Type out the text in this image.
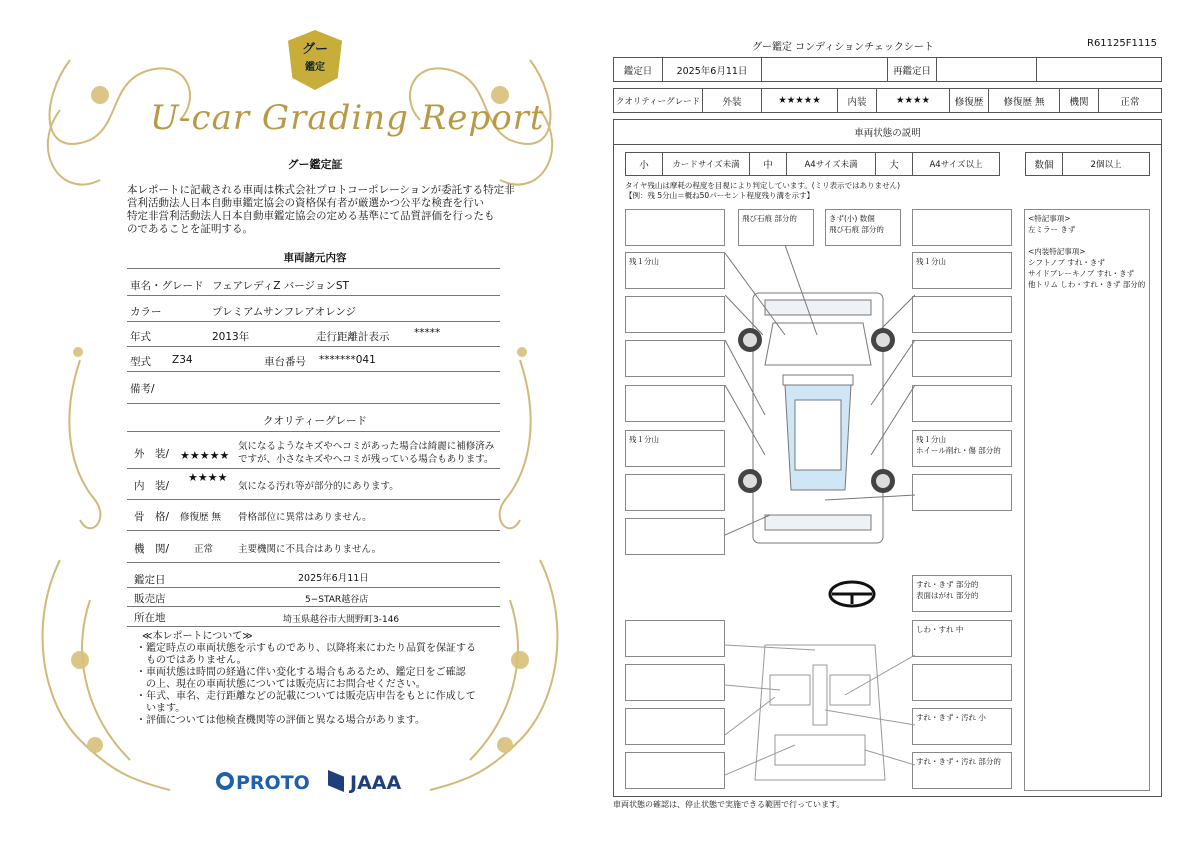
グー
鑑定
U-car Grading Report
グー鑑定証
本レポートに記載される車両は株式会社プロトコーポレーションが委託する特定非
営利活動法人日本自動車鑑定協会の資格保有者が厳選かつ公平な検査を行い
特定非営利活動法人日本自動車鑑定協会の定める基準にて品質評価を行ったも
のであることを証明する。
車両諸元内容
車名・グレード フェアレディZ バージョンST
カラー	プレミアムサンフレアオレンジ
年式	2013年	走行距離計表示 *****
型式 Z34	車台番号 *******041
備考/
クオリティーグレード
外　装/ ★★★★★
気になるようなキズやヘコミがあった場合は綺麗に補修済み
ですが、小さなキズやヘコミが残っている場合もあります。
内　装/
★★★★
気になる汚れ等が部分的にあります。
骨　格/ 修復歴 無 骨格部位に異常はありません。
機　関/	正常	主要機関に不具合はありません。
鑑定日	2025年6月11日
販売店	5−STAR越谷店
所在地	埼玉県越谷市大間野町3-146
≪本レポートについて≫
・鑑定時点の車両状態を示すものであり、以降将来にわたり品質を保証する
　ものではありません。
・車両状態は時間の経過に伴い変化する場合もあるため、鑑定日をご確認
　の上、現在の車両状態については販売店にお問合せください。
・年式、車名、走行距離などの記載については販売店申告をもとに作成して
　います。
・評価については他検査機関等の評価と異なる場合があります。
PROTO JAAA
グー鑑定 コンディションチェックシート	R61125F1115
鑑定日	2025年6月11日	再鑑定日
クオリティーグレード	外装	★★★★★	内装	★★★★	修復歴	修復歴 無	機関	正常
車両状態の説明
小	カードサイズ未満	中	A4サイズ未満	大	A4サイズ以上	数個	2個以上
タイヤ残山は摩耗の程度を目視により判定しています。(ミリ表示ではありません)
【例：残 5分山＝概ね50パーセント程度残り溝を示す】
残１分山
残１分山
飛び石痕 部分的	きず(小) 数個
飛び石痕 部分的
残１分山
残１分山
ホイール削れ・傷 部分的
すれ・きず 部分的
表面はがれ 部分的
しわ・すれ 中
すれ・きず・汚れ 小
すれ・きず・汚れ 部分的
<特記事項>
左ミラー きず

<内装特記事項>
シフトノブ すれ・きず
サイドブレーキノブ すれ・きず
他トリム しわ・すれ・きず 部分的
車両状態の確認は、停止状態で実施できる範囲で行っています。
